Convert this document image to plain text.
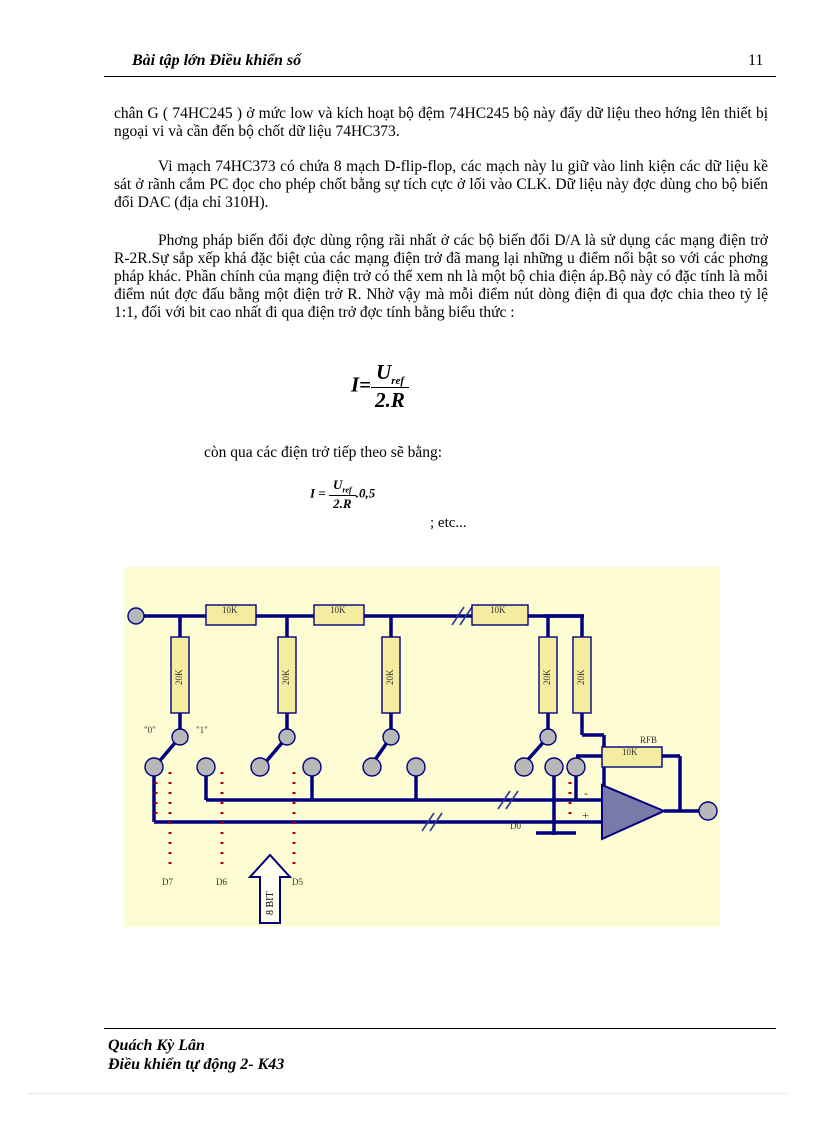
Bài tập lớn Điều khiển số	11
chân G ( 74HC245 ) ở mức low và kích hoạt bộ đệm 74HC245 bộ này đẩy dữ liệu theo hớng lên thiết bị ngoại vi và cần đến bộ chốt dữ liệu 74HC373.
Vi mạch 74HC373 có chứa 8 mạch D-flip-flop, các mạch này lu giữ vào linh kiện các dữ liệu kề sát ở rãnh cắm PC đọc cho phép chốt bằng sự tích cực ở lối vào CLK. Dữ liệu này đợc dùng cho bộ biến đổi DAC (địa chỉ 310H).
Phơng pháp biến đổi đợc dùng rộng rãi nhất ở các bộ biến đổi D/A là sử dụng các mạng điện trở R-2R.Sự sắp xếp khá đặc biệt của các mạng điện trở đã mang lại những u điểm nổi bật so với các phơng pháp khác. Phần chính của mạng điện trở có thể xem nh là một bộ chia điện áp.Bộ này có đặc tính là mỗi điểm nút đợc đấu bằng một điện trở R. Nhờ vậy mà mỗi điểm nút dòng điện đi qua đợc chia theo tỷ lệ 1:1, đối với bit cao nhất đi qua điện trở đợc tính bằng biểu thức :
$I= \frac{U_{ref}}{2.R}$
còn qua các điện trở tiếp theo sẽ bằng:
$I = \frac{U_{ref}}{2.R} .0,5$
; etc...
10K	10K	10K
20K	20K	20K	20K	20K
10K
RFB
"0"	"1"
D7	D6	D5
D0
-
+
8 BIT
Quách Kỳ Lân
Điều khiển tự động 2- K43
